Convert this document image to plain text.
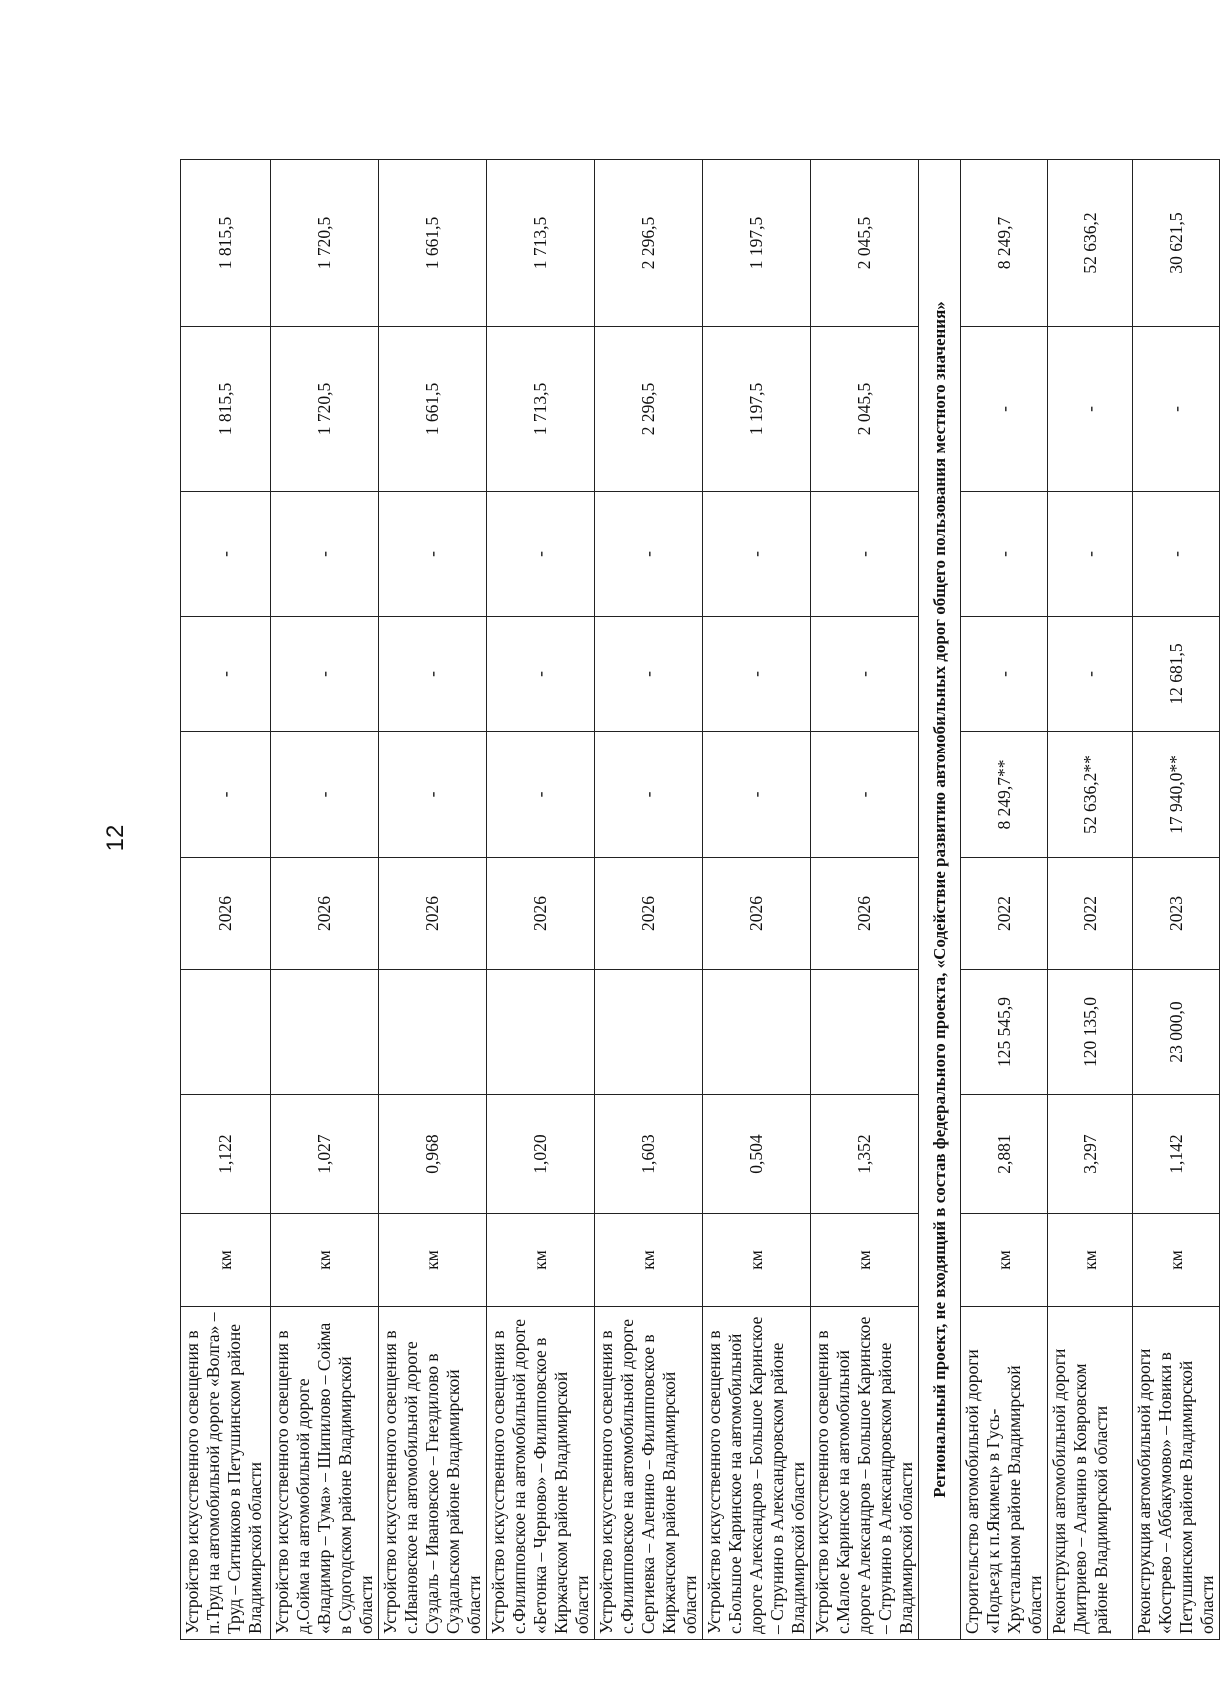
12
Устройство искусственного освещения в п.Труд на автомобильной дороге «Волга» – Труд – Ситниково в Петушинском районе Владимирской области	км	1,122		2026	-	-	-	1 815,5	1 815,5
Устройство искусственного освещения в д.Сойма на автомобильной дороге «Владимир – Тума» – Шипилово – Сойма в Судогодском районе Владимирской области	км	1,027		2026	-	-	-	1 720,5	1 720,5
Устройство искусственного освещения в с.Ивановское на автомобильной дороге Суздаль – Ивановское – Гнездилово в Суздальском районе Владимирской области	км	0,968		2026	-	-	-	1 661,5	1 661,5
Устройство искусственного освещения в с.Филипповское на автомобильной дороге «Бетонка – Черново» – Филипповское в Киржачском районе Владимирской области	км	1,020		2026	-	-	-	1 713,5	1 713,5
Устройство искусственного освещения в с.Филипповское на автомобильной дороге Сергиевка – Аленино – Филипповское в Киржачском районе Владимирской области	км	1,603		2026	-	-	-	2 296,5	2 296,5
Устройство искусственного освещения в с.Большое Каринское на автомобильной дороге Александров – Большое Каринское – Струнино в Александровском районе Владимирской области	км	0,504		2026	-	-	-	1 197,5	1 197,5
Устройство искусственного освещения в с.Малое Каринское на автомобильной дороге Александров – Большое Каринское – Струнино в Александровском районе Владимирской области	км	1,352		2026	-	-	-	2 045,5	2 045,5
Региональный проект, не входящий в состав федерального проекта, «Содействие развитию автомобильных дорог общего пользования местного значения»									
Строительство автомобильной дороги «Подъезд к п.Якимец» в Гусь-Хрустальном районе Владимирской области	км	2,881	125 545,9	2022	8 249,7**	-	-	-	8 249,7
Реконструкция автомобильной дороги Дмитриево – Алачино в Ковровском районе Владимирской области	км	3,297	120 135,0	2022	52 636,2**	-	-	-	52 636,2
Реконструкция автомобильной дороги «Кострево – Аббакумово» – Новики в Петушинском районе Владимирской области	км	1,142	23 000,0	2023	17 940,0**	12 681,5	-	-	30 621,5
